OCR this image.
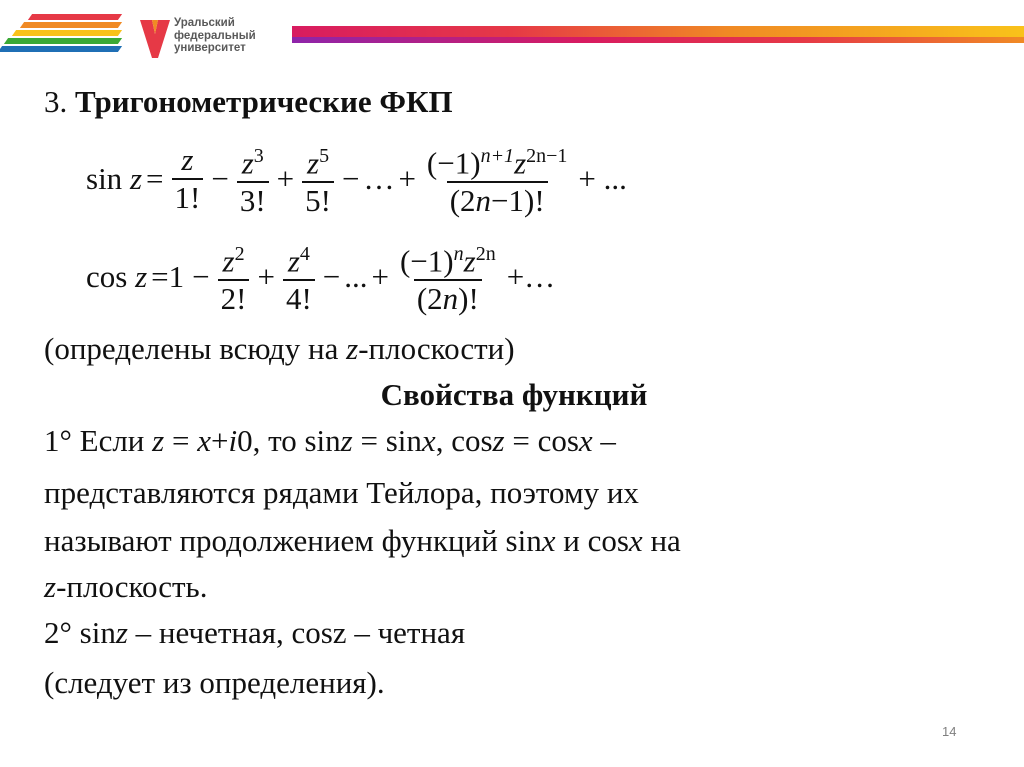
Уральский
федеральный
университет
3. Тригонометрические ФКП
sin
$z = \frac{z}{1!} - \frac{z^3}{3!} + \frac{z^5}{5!}$ − … + $\frac{(-1)^{n+1}z^{2n-1}}{(2n-1)!}$ + ...
cos
$z =1 - \frac{z^2}{2!} + \frac{z^4}{4!}$ − ... + $\frac{(-1)^nz^{2n}}{(2n)!}$ +…
(определены всюду на z-плоскости)
Свойства функций
1° Если z = x+i0, то sinz = sinx, cosz = cosx –
представляются рядами Тейлора, поэтому их
называют продолжением функций sinx и cosx на
z-плоскость.
2° sinz – нечетная, cosz – четная
(следует из определения).
14
